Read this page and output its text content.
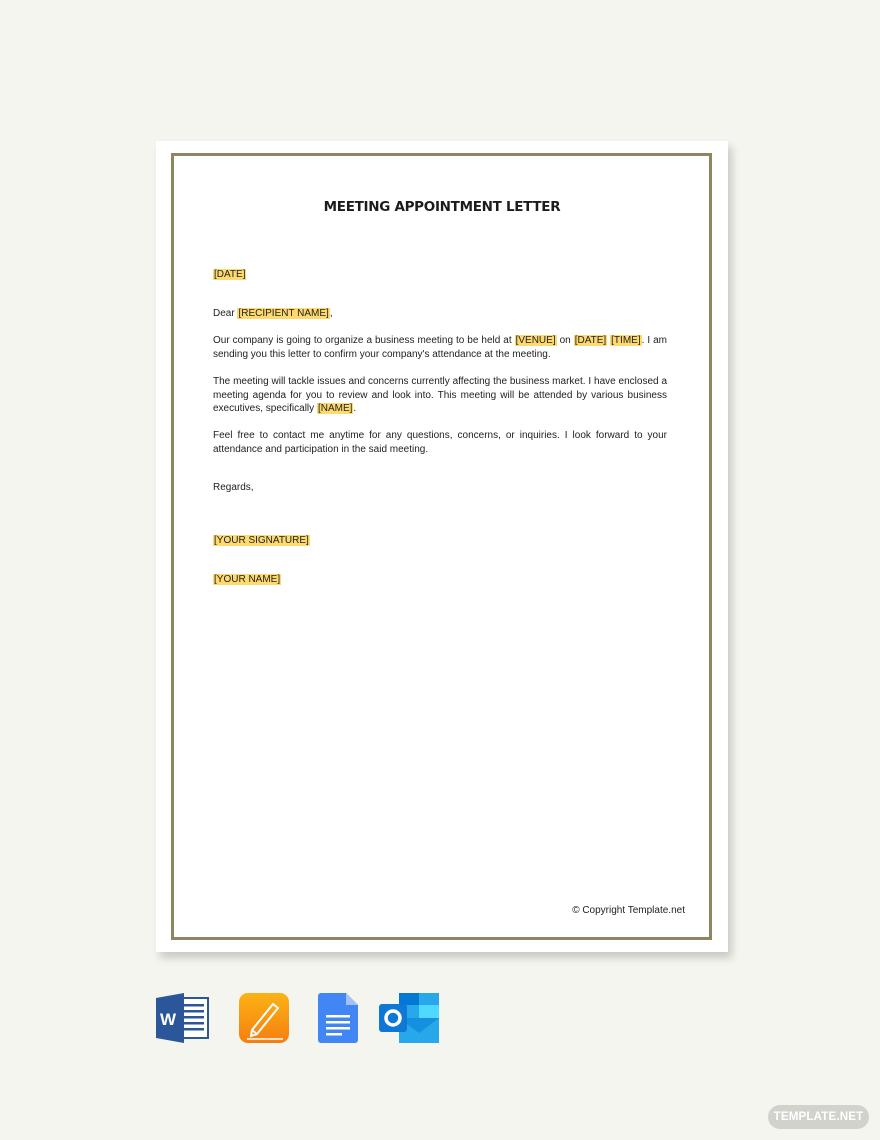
MEETING APPOINTMENT LETTER
[DATE]
Dear [RECIPIENT NAME],
Our company is going to organize a business meeting to be held at [VENUE] on [DATE] [TIME]. I am sending you this letter to confirm your company's attendance at the meeting.
The meeting will tackle issues and concerns currently affecting the business market. I have enclosed a meeting agenda for you to review and look into. This meeting will be attended by various business executives, specifically [NAME].
Feel free to contact me anytime for any questions, concerns, or inquiries. I look forward to your attendance and participation in the said meeting.
Regards,
[YOUR SIGNATURE]
[YOUR NAME]
© Copyright Template.net
W
TEMPLATE.NET
